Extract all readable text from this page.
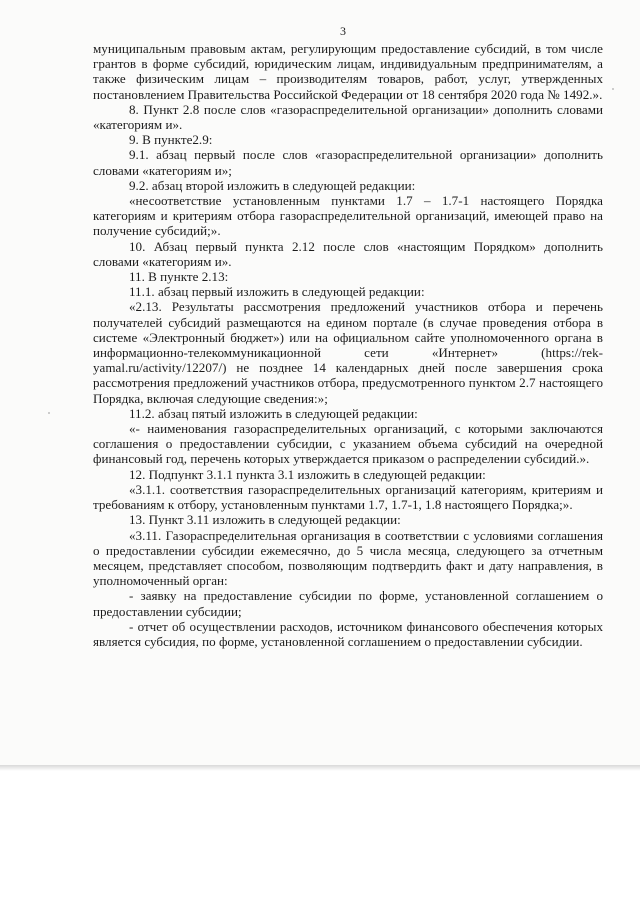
3

муниципальным правовым актам, регулирующим предоставление субсидий, в том числе грантов в форме субсидий, юридическим лицам, индивидуальным предпринимателям, а также физическим лицам – производителям товаров, работ, услуг, утвержденных постановлением Правительства Российской Федерации от 18 сентября 2020 года № 1492.».

8. Пункт 2.8 после слов «газораспределительной организации» дополнить словами «категориям и».

9. В пункте2.9:

9.1. абзац первый после слов «газораспределительной организации» дополнить словами «категориям и»;

9.2. абзац второй изложить в следующей редакции:

«несоответствие установленным пунктами 1.7 – 1.7-1 настоящего Порядка категориям и критериям отбора газораспределительной организаций, имеющей право на получение субсидий;».

10. Абзац первый пункта 2.12 после слов «настоящим Порядком» дополнить словами «категориям и».

11. В пункте 2.13:

11.1. абзац первый изложить в следующей редакции:

«2.13. Результаты рассмотрения предложений участников отбора и перечень получателей субсидий размещаются на едином портале (в случае проведения отбора в системе «Электронный бюджет») или на официальном сайте уполномоченного органа в информационно-телекоммуникационной сети «Интернет» (https://rek-yamal.ru/activity/12207/) не позднее 14 календарных дней после завершения срока рассмотрения предложений участников отбора, предусмотренного пунктом 2.7 настоящего Порядка, включая следующие сведения:»;

11.2. абзац пятый изложить в следующей редакции:

«- наименования газораспределительных организаций, с которыми заключаются соглашения о предоставлении субсидии, с указанием объема субсидий на очередной финансовый год, перечень которых утверждается приказом о распределении субсидий.».

12. Подпункт 3.1.1 пункта 3.1 изложить в следующей редакции:

«3.1.1. соответствия газораспределительных организаций категориям, критериям и требованиям к отбору, установленным пунктами 1.7, 1.7-1, 1.8 настоящего Порядка;».

13. Пункт 3.11 изложить в следующей редакции:

«3.11. Газораспределительная организация в соответствии с условиями соглашения о предоставлении субсидии ежемесячно, до 5 числа месяца, следующего за отчетным месяцем, представляет способом, позволяющим подтвердить факт и дату направления, в уполномоченный орган:

- заявку на предоставление субсидии по форме, установленной соглашением о предоставлении субсидии;

- отчет об осуществлении расходов, источником финансового обеспечения которых является субсидия, по форме, установленной соглашением о предоставлении субсидии.
